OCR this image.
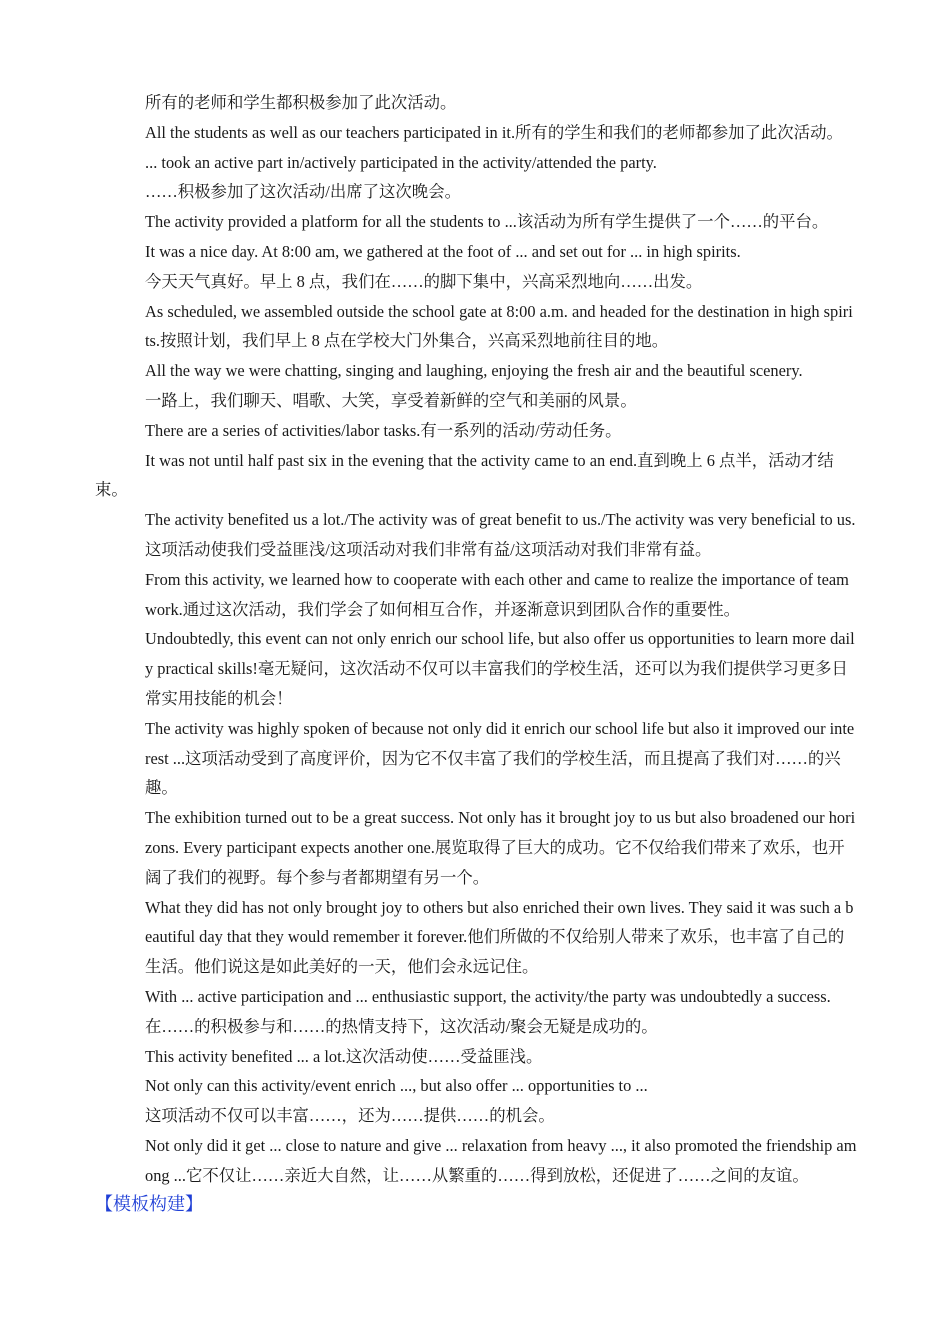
所有的老师和学生都积极参加了此次活动。

All the students as well as our teachers participated in it.所有的学生和我们的老师都参加了此次活动。

... took an active part in/actively participated in the activity/attended the party.

……积极参加了这次活动/出席了这次晚会。

The activity provided a platform for all the students to ...该活动为所有学生提供了一个……的平台。

It was a nice day. At 8:00 am, we gathered at the foot of ... and set out for ... in high spirits.

今天天气真好。早上 8 点，我们在……的脚下集中，兴高采烈地向……出发。

As scheduled, we assembled outside the school gate at 8:00 a.m. and headed for the destination in high spirits.按照计划，我们早上 8 点在学校大门外集合，兴高采烈地前往目的地。

All the way we were chatting, singing and laughing, enjoying the fresh air and the beautiful scenery.

一路上，我们聊天、唱歌、大笑，享受着新鲜的空气和美丽的风景。

There are a series of activities/labor tasks.有一系列的活动/劳动任务。

It was not until half past six in the evening that the activity came to an end.直到晚上 6 点半，活动才结束。

The activity benefited us a lot./The activity was of great benefit to us./The activity was very beneficial to us.这项活动使我们受益匪浅/这项活动对我们非常有益/这项活动对我们非常有益。

From this activity, we learned how to cooperate with each other and came to realize the importance of teamwork.通过这次活动，我们学会了如何相互合作，并逐渐意识到团队合作的重要性。

Undoubtedly, this event can not only enrich our school life, but also offer us opportunities to learn more daily practical skills!毫无疑问，这次活动不仅可以丰富我们的学校生活，还可以为我们提供学习更多日常实用技能的机会！

The activity was highly spoken of because not only did it enrich our school life but also it improved our interest ...这项活动受到了高度评价，因为它不仅丰富了我们的学校生活，而且提高了我们对……的兴趣。

The exhibition turned out to be a great success. Not only has it brought joy to us but also broadened our horizons. Every participant expects another one.展览取得了巨大的成功。它不仅给我们带来了欢乐，也开阔了我们的视野。每个参与者都期望有另一个。

What they did has not only brought joy to others but also enriched their own lives. They said it was such a beautiful day that they would remember it forever.他们所做的不仅给别人带来了欢乐，也丰富了自己的生活。他们说这是如此美好的一天，他们会永远记住。

With ... active participation and ... enthusiastic support, the activity/the party was undoubtedly a success.

在……的积极参与和……的热情支持下，这次活动/聚会无疑是成功的。

This activity benefited ... a lot.这次活动使……受益匪浅。

Not only can this activity/event enrich ..., but also offer ... opportunities to ...

这项活动不仅可以丰富……，还为……提供……的机会。

Not only did it get ... close to nature and give ... relaxation from heavy ..., it also promoted the friendship among ...它不仅让……亲近大自然，让……从繁重的……得到放松，还促进了……之间的友谊。

【模板构建】
